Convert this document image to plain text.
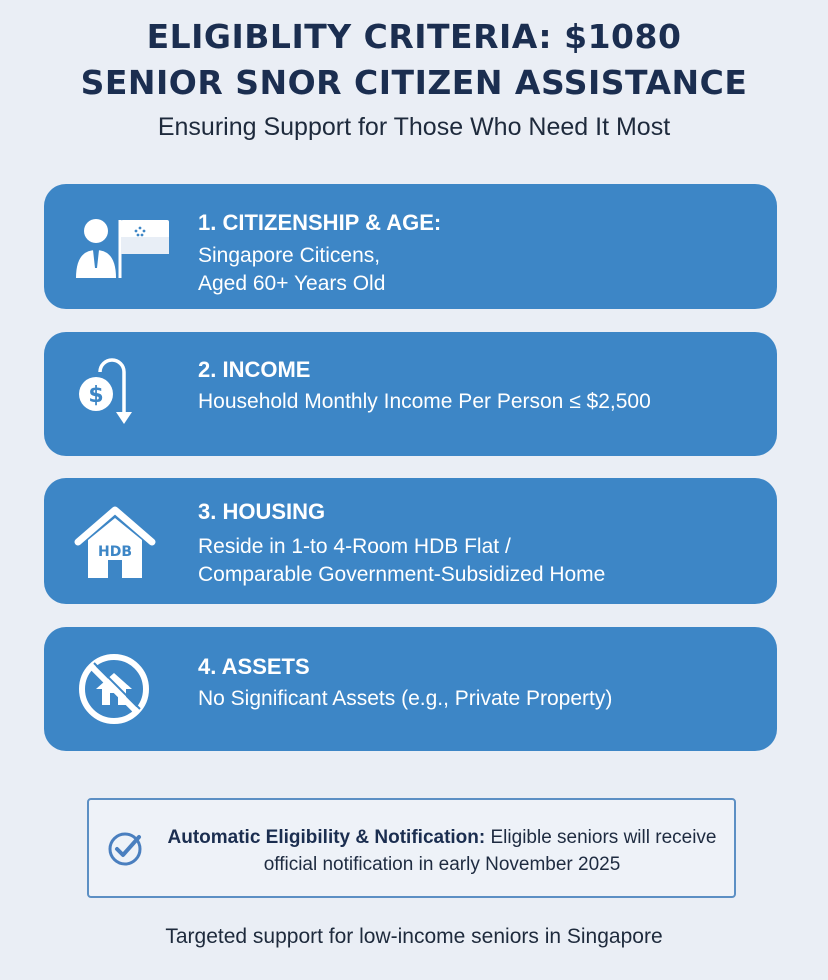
ELIGIBLITY CRITERIA: $1080
SENIOR SNOR CITIZEN ASSISTANCE
Ensuring Support for Those Who Need It Most
1. CITIZENSHIP & AGE:
Singapore Citicens,
Aged 60+ Years Old
$
2. INCOME
Household Monthly Income Per Person ≤ $2,500
HDB
3. HOUSING
Reside in 1-to 4-Room HDB Flat /
Comparable Government-Subsidized Home
4. ASSETS
No Significant Assets (e.g., Private Property)
Automatic Eligibility & Notification: Eligible seniors will receive
official notification in early November 2025
Targeted support for low-income seniors in Singapore
